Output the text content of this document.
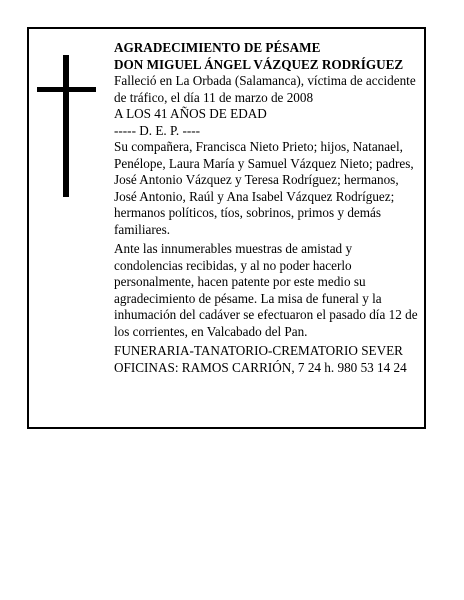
AGRADECIMIENTO DE PÉSAME

DON MIGUEL ÁNGEL VÁZQUEZ RODRÍGUEZ

Falleció en La Orbada (Salamanca), víctima de accidente de tráfico, el día 11 de marzo de 2008

A LOS 41 AÑOS DE EDAD

----- D. E. P. ----

Su compañera, Francisca Nieto Prieto; hijos, Natanael, Penélope, Laura María y Samuel Vázquez Nieto; padres, José Antonio Vázquez y Teresa Rodríguez; hermanos, José Antonio, Raúl y Ana Isabel Vázquez Rodríguez; hermanos políticos, tíos, sobrinos, primos y demás familiares.

Ante las innumerables muestras de amistad y condolencias recibidas, y al no poder hacerlo personalmente, hacen patente por este medio su agradecimiento de pésame. La misa de funeral y la inhumación del cadáver se efectuaron el pasado día 12 de los corrientes, en Valcabado del Pan.

FUNERARIA-TANATORIO-CREMATORIO SEVER

OFICINAS: RAMOS CARRIÓN, 7 24 h. 980 53 14 24
